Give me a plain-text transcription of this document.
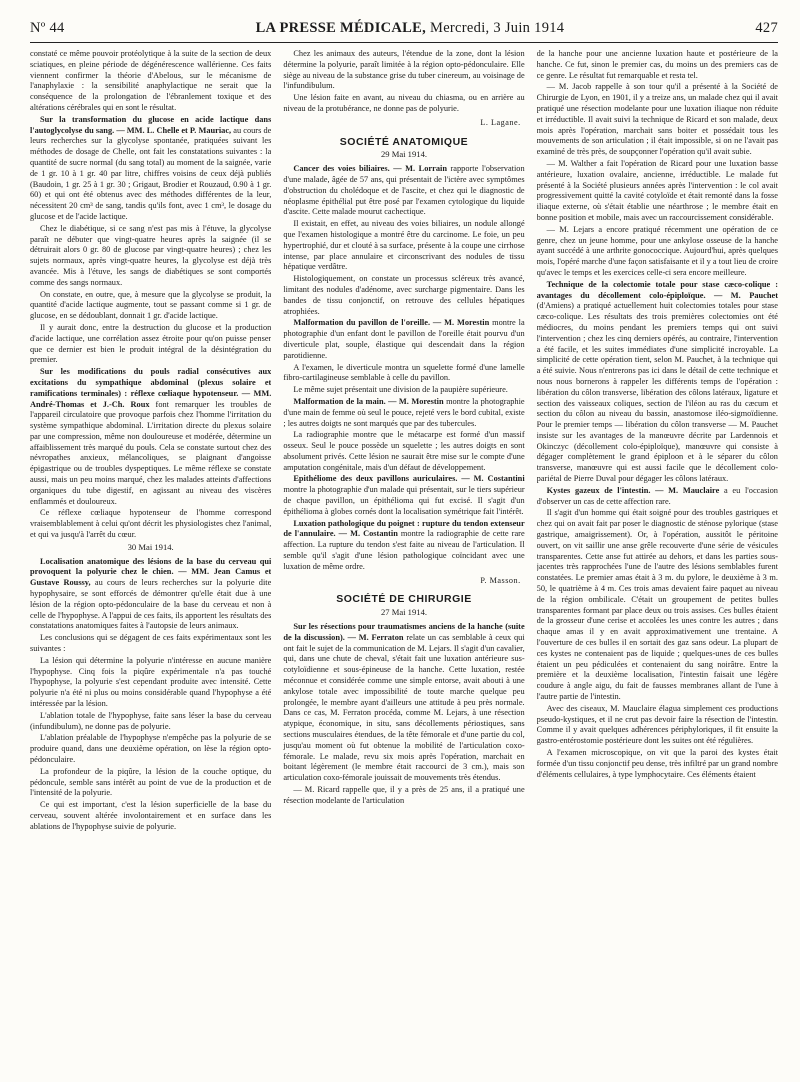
Nº 44	LA PRESSE MÉDICALE, Mercredi, 3 Juin 1914	427

constaté ce même pouvoir protéolytique à la suite de la section de deux sciatiques, en pleine période de dégénérescence wallérienne. Ces faits viennent confirmer la théorie d'Abelous, sur le mécanisme de l'anaphylaxie : la sensibilité anaphylactique ne serait que la conséquence de la prolongation de l'ébranlement toxique et des altérations cérébrales qui en sont le résultat.

Sur la transformation du glucose en acide lactique dans l'autoglycolyse du sang. — MM. L. Chelle et P. Mauriac, au cours de leurs recherches sur la glycolyse spontanée, pratiquées suivant les méthodes de dosage de Chelle, ont fait les constatations suivantes : la quantité de sucre normal (du sang total) au moment de la saignée, varie de 1 gr. 10 à 1 gr. 40 par litre, chiffres voisins de ceux déjà publiés (Baudoin, 1 gr. 25 à 1 gr. 30 ; Grigaut, Brodier et Rouzaud, 0.90 à 1 gr. 60) et qui ont été obtenus avec des méthodes différentes de la leur, nécessitent 20 cm³ de sang, tandis qu'ils font, avec 1 cm³, le dosage du glucose et de l'acide lactique.

Chez le diabétique, si ce sang n'est pas mis à l'étuve, la glycolyse paraît ne débuter que vingt-quatre heures après la saignée (il se détruirait alors 0 gr. 80 de glucose par vingt-quatre heures) ; chez les sujets normaux, après vingt-quatre heures, la glycolyse est déjà très avancée. Mis à l'étuve, les sangs de diabétiques se sont comportés comme des sangs normaux.

On constate, en outre, que, à mesure que la glycolyse se produit, la quantité d'acide lactique augmente, tout se passant comme si 1 gr. de glucose, en se dédoublant, donnait 1 gr. d'acide lactique.

Il y aurait donc, entre la destruction du glucose et la production d'acide lactique, une corrélation assez étroite pour qu'on puisse penser que ce dernier est bien le produit intégral de la désintégration du premier.

Sur les modifications du pouls radial consécutives aux excitations du sympathique abdominal (plexus solaire et ramifications terminales) : réflexe cœliaque hypotenseur. — MM. André-Thomas et J.-Ch. Roux font remarquer les troubles de l'appareil circulatoire que provoque parfois chez l'homme l'irritation du système sympathique abdominal. L'irritation directe du plexus solaire par une compression, même non douloureuse et modérée, détermine un affaiblissement très marqué du pouls. Cela se constate surtout chez des névropathes anxieux, mélancoliques, se plaignant d'angoisse épigastrique ou de troubles dyspeptiques. Le même réflexe se constate aussi, mais un peu moins marqué, chez les malades atteints d'affections organiques du tube digestif, en agissant au niveau des viscères enflammés et douloureux.

Ce réflexe cœliaque hypotenseur de l'homme correspond vraisemblablement à celui qu'ont décrit les physiologistes chez l'animal, et qui va jusqu'à l'arrêt du cœur.

30 Mai 1914.

Localisation anatomique des lésions de la base du cerveau qui provoquent la polyurie chez le chien. — MM. Jean Camus et Gustave Roussy, au cours de leurs recherches sur la polyurie dite hypophysaire, se sont efforcés de démontrer qu'elle était due à une lésion de la région opto-pédonculaire de la base du cerveau et non à celle de l'hypophyse. A l'appui de ces faits, ils apportent les résultats des constatations anatomiques faites à l'autopsie de leurs animaux.

Les conclusions qui se dégagent de ces faits expérimentaux sont les suivantes :

La lésion qui détermine la polyurie n'intéresse en aucune manière l'hypophyse. Cinq fois la piqûre expérimentale n'a pas touché l'hypophyse, la polyurie s'est cependant produite avec intensité. Cette polyurie n'a été ni plus ou moins considérable quand l'hypophyse a été intéressée par la lésion.

L'ablation totale de l'hypophyse, faite sans léser la base du cerveau (infundibulum), ne donne pas de polyurie.

L'ablation préalable de l'hypophyse n'empêche pas la polyurie de se produire quand, dans une deuxième opération, on lèse la région opto-pédonculaire.

La profondeur de la piqûre, la lésion de la couche optique, du pédoncule, semble sans intérêt au point de vue de la production et de l'intensité de la polyurie.

Ce qui est important, c'est la lésion superficielle de la base du cerveau, souvent altérée involontairement et en surface dans les ablations de l'hypophyse suivie de polyurie.

Chez les animaux des auteurs, l'étendue de la zone, dont la lésion détermine la polyurie, paraît limitée à la région opto-pédonculaire. Elle siège au niveau de la substance grise du tuber cinereum, au voisinage de l'infundibulum.

Une lésion faite en avant, au niveau du chiasma, ou en arrière au niveau de la protubérance, ne donne pas de polyurie.

L. Lagane.
SOCIÉTÉ ANATOMIQUE
29 Mai 1914.

Cancer des voies biliaires. — M. Lorrain rapporte l'observation d'une malade, âgée de 57 ans, qui présentait de l'ictère avec symptômes d'obstruction du cholédoque et de l'ascite, et chez qui le diagnostic de néoplasme épithélial put être posé par l'examen cytologique du liquide d'ascite. Cette malade mourut cachectique.

Il existait, en effet, au niveau des voies biliaires, un nodule allongé que l'examen histologique a montré être du carcinome. Le foie, un peu hypertrophié, dur et clouté à sa surface, présente à la coupe une cirrhose intense, par place annulaire et circonscrivant des nodules de tissu hépatique verdâtre.

Histologiquement, on constate un processus scléreux très avancé, limitant des nodules d'adénome, avec surcharge pigmentaire. Dans les bandes de tissu conjonctif, on retrouve des cellules hépatiques atrophiées.

Malformation du pavillon de l'oreille. — M. Morestin montre la photographie d'un enfant dont le pavillon de l'oreille était pourvu d'un diverticule plat, souple, élastique qui descendait dans la région parotidienne.

A l'examen, le diverticule montra un squelette formé d'une lamelle fibro-cartilagineuse semblable à celle du pavillon.

Le même sujet présentait une division de la paupière supérieure.

Malformation de la main. — M. Morestin montre la photographie d'une main de femme où seul le pouce, rejeté vers le bord cubital, existe ; les autres doigts ne sont marqués que par des tubercules.

La radiographie montre que le métacarpe est formé d'un massif osseux. Seul le pouce possède un squelette ; les autres doigts en sont absolument privés. Cette lésion ne saurait être mise sur le compte d'une amputation congénitale, mais d'un défaut de développement.

Epithéliome des deux pavillons auriculaires. — M. Costantini montre la photographie d'un malade qui présentait, sur le tiers supérieur de chaque pavillon, un épithélioma qui fut excisé. Il s'agit d'un épithélioma à globes cornés dont la localisation symétrique fait l'intérêt.

Luxation pathologique du poignet : rupture du tendon extenseur de l'annulaire. — M. Costantin montre la radiographie de cette rare affection. La rupture du tendon s'est faite au niveau de l'articulation. Il semble qu'il s'agit d'une lésion pathologique coïncidant avec une luxation de même ordre.

P. Masson.
SOCIÉTÉ DE CHIRURGIE
27 Mai 1914.

Sur les résections pour traumatismes anciens de la hanche (suite de la discussion). — M. Ferraton relate un cas semblable à ceux qui ont fait le sujet de la communication de M. Lejars. Il s'agit d'un cavalier, qui, dans une chute de cheval, s'était fait une luxation antérieure sus-cotyloïdienne et sous-épineuse de la hanche. Cette luxation, restée méconnue et considérée comme une simple entorse, avait abouti à une ankylose totale avec impossibilité de toute marche quelque peu prolongée, le membre ayant d'ailleurs une attitude à peu près normale. Dans ce cas, M. Ferraton procéda, comme M. Lejars, à une résection atypique, économique, in situ, sans décollements périostiques, sans sections musculaires étendues, de la tête fémorale et d'une partie du col, jusqu'au moment où fut obtenue la mobilité de l'articulation coxo-fémorale. Le malade, revu six mois après l'opération, marchait en boitant légèrement (le membre était raccourci de 3 cm.), mais son articulation coxo-fémorale jouissait de mouvements très étendus.

— M. Ricard rappelle que, il y a près de 25 ans, il a pratiqué une résection modelante de l'articulation

de la hanche pour une ancienne luxation haute et postérieure de la hanche. Ce fut, sinon le premier cas, du moins un des premiers cas de ce genre. Le résultat fut remarquable et resta tel.

— M. Jacob rappelle à son tour qu'il a présenté à la Société de Chirurgie de Lyon, en 1901, il y a treize ans, un malade chez qui il avait pratiqué une résection modelante pour une luxation iliaque non réduite et irréductible. Il avait suivi la technique de Ricard et son malade, deux mois après l'opération, marchait sans boiter et possédait tous les mouvements de son articulation ; il était impossible, si on ne l'avait pas examiné de très près, de soupçonner l'opération qu'il avait subie.

— M. Walther a fait l'opération de Ricard pour une luxation basse antérieure, luxation ovalaire, ancienne, irréductible. Le malade fut présenté à la Société plusieurs années après l'intervention : le col avait progressivement quitté la cavité cotyloïde et était remonté dans la fosse iliaque externe, où s'était établie une néarthrose ; le membre était en bonne position et mobile, mais avec un raccourcissement considérable.

— M. Lejars a encore pratiqué récemment une opération de ce genre, chez un jeune homme, pour une ankylose osseuse de la hanche ayant succédé à une arthrite gonococcique. Aujourd'hui, après quelques mois, l'opéré marche d'une façon satisfaisante et il y a tout lieu de croire qu'avec le temps et les exercices celle-ci sera encore meilleure.

Technique de la colectomie totale pour stase cæco-colique : avantages du décollement colo-épiploïque. — M. Pauchet (d'Amiens) a pratiqué actuellement huit colectomies totales pour stase cæco-colique. Les résultats des trois premières colectomies ont été médiocres, du moins pendant les premiers temps qui ont suivi l'intervention ; chez les cinq derniers opérés, au contraire, l'intervention a été facile, et les suites immédiates d'une simplicité incroyable. La simplicité de cette opération tient, selon M. Pauchet, à la technique qui a été suivie. Nous n'entrerons pas ici dans le détail de cette technique et nous nous bornerons à rappeler les différents temps de l'opération : libération du côlon transverse, libération des côlons latéraux, ligature et section des vaisseaux coliques, section de l'iléon au ras du cæcum et section du côlon au niveau du bassin, anastomose iléo-sigmoïdienne. Pour le premier temps — libération du côlon transverse — M. Pauchet insiste sur les avantages de la manœuvre décrite par Lardennois et Okinczyc (décollement colo-épiploïque), manœuvre qui consiste à dégager complètement le grand épiploon et à le séparer du côlon transverse, manœuvre qui est aussi facile que le décollement colo-pariétal de Pierre Duval pour dégager les côlons latéraux.

Kystes gazeux de l'intestin. — M. Mauclaire a eu l'occasion d'observer un cas de cette affection rare.

Il s'agit d'un homme qui était soigné pour des troubles gastriques et chez qui on avait fait par poser le diagnostic de sténose pylorique (stase gastrique, amaigrissement). Or, à l'opération, aussitôt le péritoine ouvert, on vit saillir une anse grêle recouverte d'une série de vésicules transparentes. Cette anse fut attirée au dehors, et dans les parties sous-jacentes très rapprochées l'une de l'autre des lésions semblables furent constatées. Le premier amas était à 3 m. du pylore, le deuxième à 3 m. 50, le quatrième à 4 m. Ces trois amas devaient faire paquet au niveau de la région ombilicale. C'était un groupement de petites bulles transparentes formant par place deux ou trois assises. Ces bulles étaient de la grosseur d'une cerise et accolées les unes contre les autres ; dans chaque amas il y en avait approximativement une trentaine. A l'ouverture de ces bulles il en sortait des gaz sans odeur. La plupart de ces kystes ne contenaient pas de liquide ; quelques-unes de ces bulles étaient un peu pédiculées et contenaient du sang noirâtre. Entre la première et la deuxième localisation, l'intestin faisait une légère coudure à angle aigu, du fait de fausses membranes allant de l'une à l'autre partie de l'intestin.

Avec des ciseaux, M. Mauclaire élagua simplement ces productions pseudo-kystiques, et il ne crut pas devoir faire la résection de l'intestin. Comme il y avait quelques adhérences périphyloriques, il fit ensuite la gastro-entérostomie postérieure dont les suites ont été régulières.

A l'examen microscopique, on vit que la paroi des kystes était formée d'un tissu conjonctif peu dense, très infiltré par un grand nombre d'éléments cellulaires, à type lymphocytaire. Ces éléments étaient
